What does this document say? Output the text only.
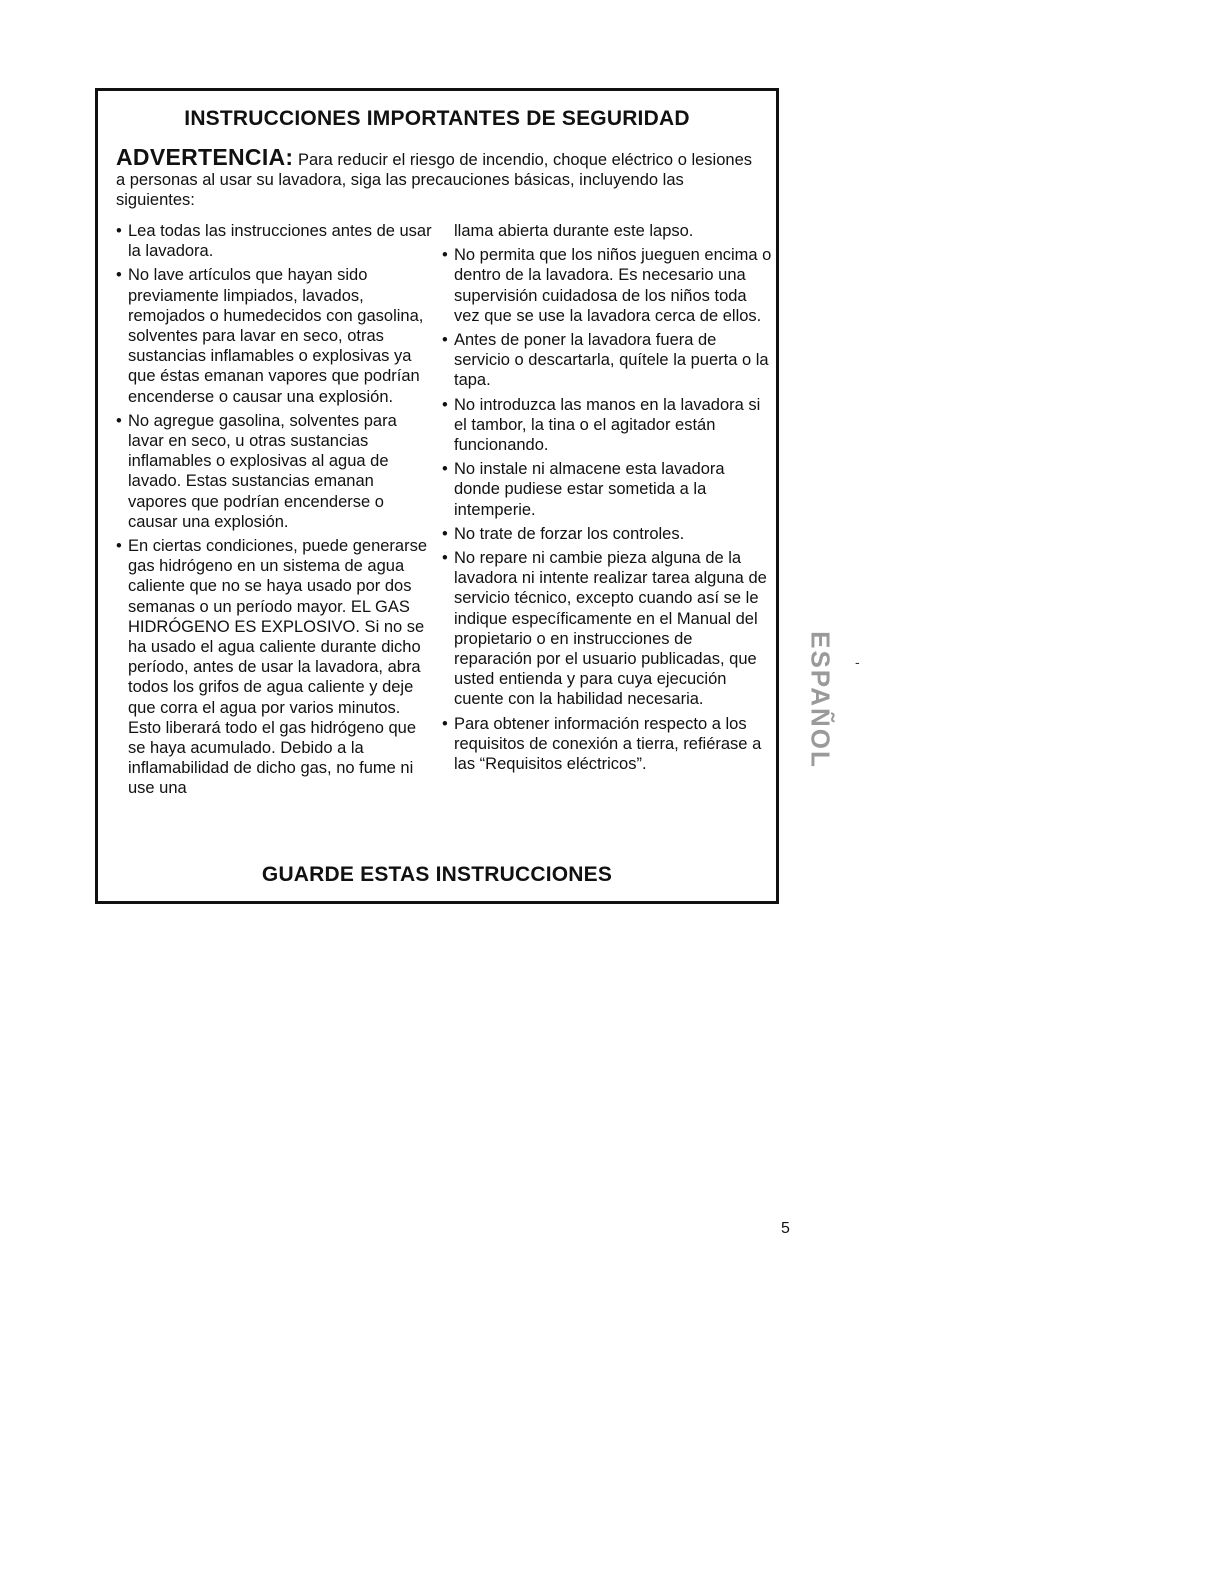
INSTRUCCIONES IMPORTANTES DE SEGURIDAD
ADVERTENCIA: Para reducir el riesgo de incendio, choque eléctrico o lesiones a personas al usar su lavadora, siga las precauciones básicas, incluyendo las siguientes:
• Lea todas las instrucciones antes de usar la lavadora.
• No lave artículos que hayan sido previamente limpiados, lavados, remojados o humedecidos con gasolina, solventes para lavar en seco, otras sustancias inflamables o explosivas ya que éstas emanan vapores que podrían encenderse o causar una explosión.
• No agregue gasolina, solventes para lavar en seco, u otras sustancias inflamables o explosivas al agua de lavado. Estas sustancias emanan vapores que podrían encenderse o causar una explosión.
• En ciertas condiciones, puede generarse gas hidrógeno en un sistema de agua caliente que no se haya usado por dos semanas o un período mayor. EL GAS HIDRÓGENO ES EXPLOSIVO. Si no se ha usado el agua caliente durante dicho período, antes de usar la lavadora, abra todos los grifos de agua caliente y deje que corra el agua por varios minutos. Esto liberará todo el gas hidrógeno que se haya acumulado. Debido a la inflamabilidad de dicho gas, no fume ni use una
llama abierta durante este lapso.
• No permita que los niños jueguen encima o dentro de la lavadora. Es necesario una supervisión cuidadosa de los niños toda vez que se use la lavadora cerca de ellos.
• Antes de poner la lavadora fuera de servicio o descartarla, quítele la puerta o la tapa.
• No introduzca las manos en la lavadora si el tambor, la tina o el agitador están funcionando.
• No instale ni almacene esta lavadora donde pudiese estar sometida a la intemperie.
• No trate de forzar los controles.
• No repare ni cambie pieza alguna de la lavadora ni intente realizar tarea alguna de servicio técnico, excepto cuando así se le indique específicamente en el Manual del propietario o en instrucciones de reparación por el usuario publicadas, que usted entienda y para cuya ejecución cuente con la habilidad necesaria.
• Para obtener información respecto a los requisitos de conexión a tierra, refiérase a las “Requisitos eléctricos”.
GUARDE ESTAS INSTRUCCIONES
ESPAÑOL -
5
